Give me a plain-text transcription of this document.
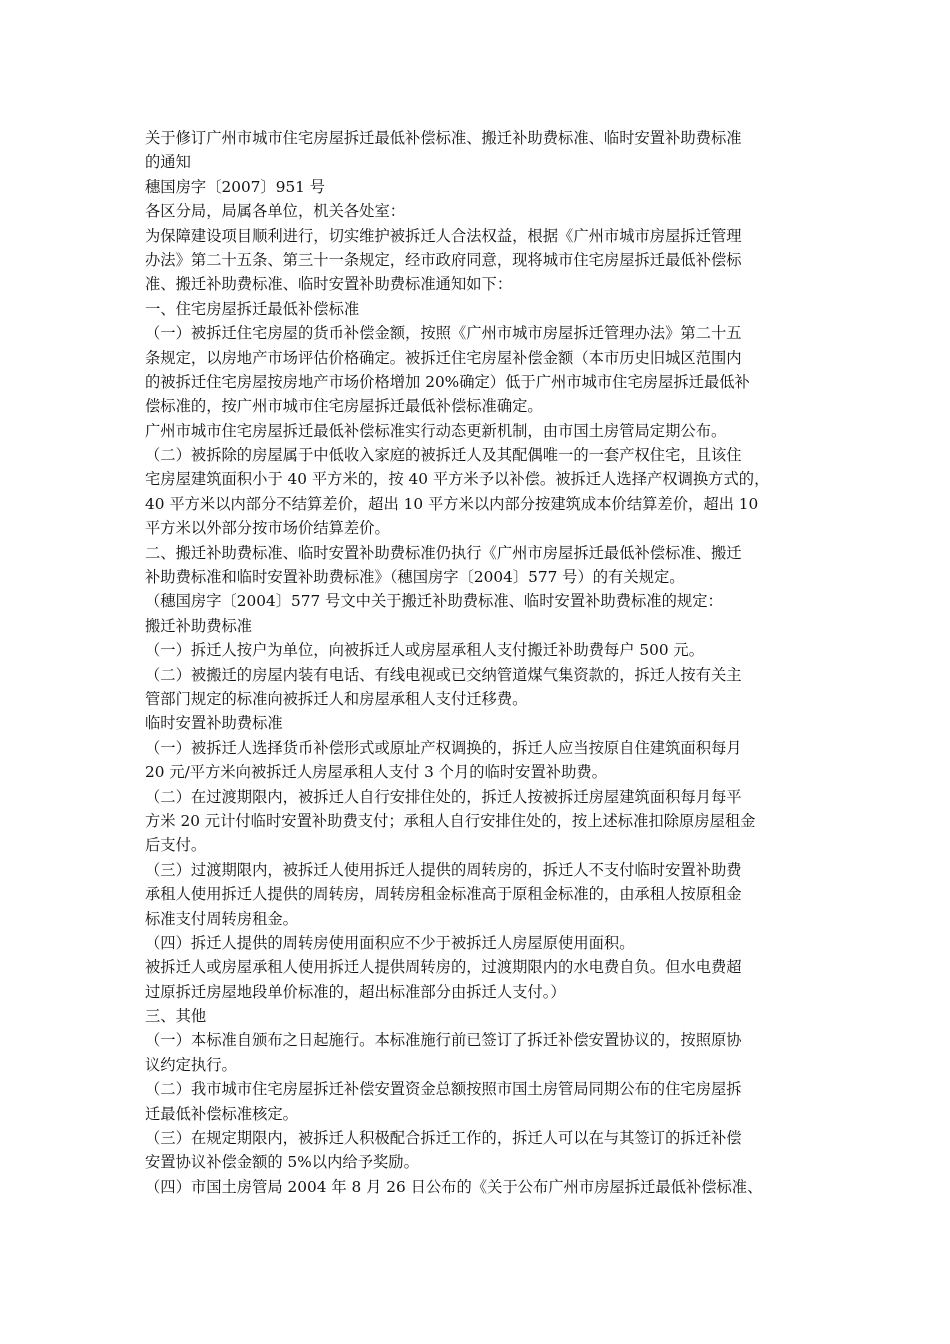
关于修订广州市城市住宅房屋拆迁最低补偿标准、搬迁补助费标准、临时安置补助费标准
的通知
穗国房字〔2007〕951 号
各区分局，局属各单位，机关各处室：
为保障建设项目顺利进行，切实维护被拆迁人合法权益，根据《广州市城市房屋拆迁管理
办法》第二十五条、第三十一条规定，经市政府同意，现将城市住宅房屋拆迁最低补偿标
准、搬迁补助费标准、临时安置补助费标准通知如下：
一、住宅房屋拆迁最低补偿标准
（一）被拆迁住宅房屋的货币补偿金额，按照《广州市城市房屋拆迁管理办法》第二十五
条规定，以房地产市场评估价格确定。被拆迁住宅房屋补偿金额（本市历史旧城区范围内
的被拆迁住宅房屋按房地产市场价格增加 20%确定）低于广州市城市住宅房屋拆迁最低补
偿标准的，按广州市城市住宅房屋拆迁最低补偿标准确定。
广州市城市住宅房屋拆迁最低补偿标准实行动态更新机制，由市国土房管局定期公布。
（二）被拆除的房屋属于中低收入家庭的被拆迁人及其配偶唯一的一套产权住宅，且该住
宅房屋建筑面积小于 40 平方米的，按 40 平方米予以补偿。被拆迁人选择产权调换方式的，
40 平方米以内部分不结算差价，超出 10 平方米以内部分按建筑成本价结算差价，超出 10
平方米以外部分按市场价结算差价。
二、搬迁补助费标准、临时安置补助费标准仍执行《广州市房屋拆迁最低补偿标准、搬迁
补助费标准和临时安置补助费标准》（穗国房字〔2004〕577 号）的有关规定。
（穗国房字〔2004〕577 号文中关于搬迁补助费标准、临时安置补助费标准的规定：
搬迁补助费标准
（一）拆迁人按户为单位，向被拆迁人或房屋承租人支付搬迁补助费每户 500 元。
（二）被搬迁的房屋内装有电话、有线电视或已交纳管道煤气集资款的，拆迁人按有关主
管部门规定的标准向被拆迁人和房屋承租人支付迁移费。
临时安置补助费标准
（一）被拆迁人选择货币补偿形式或原址产权调换的，拆迁人应当按原自住建筑面积每月
20 元/平方米向被拆迁人房屋承租人支付 3 个月的临时安置补助费。
（二）在过渡期限内，被拆迁人自行安排住处的，拆迁人按被拆迁房屋建筑面积每月每平
方米 20 元计付临时安置补助费支付；承租人自行安排住处的，按上述标准扣除原房屋租金
后支付。
（三）过渡期限内，被拆迁人使用拆迁人提供的周转房的，拆迁人不支付临时安置补助费
承租人使用拆迁人提供的周转房，周转房租金标准高于原租金标准的，由承租人按原租金
标准支付周转房租金。
（四）拆迁人提供的周转房使用面积应不少于被拆迁人房屋原使用面积。
被拆迁人或房屋承租人使用拆迁人提供周转房的，过渡期限内的水电费自负。但水电费超
过原拆迁房屋地段单价标准的，超出标准部分由拆迁人支付。）
三、其他
（一）本标准自颁布之日起施行。本标准施行前已签订了拆迁补偿安置协议的，按照原协
议约定执行。
（二）我市城市住宅房屋拆迁补偿安置资金总额按照市国土房管局同期公布的住宅房屋拆
迁最低补偿标准核定。
（三）在规定期限内，被拆迁人积极配合拆迁工作的，拆迁人可以在与其签订的拆迁补偿
安置协议补偿金额的 5%以内给予奖励。
（四）市国土房管局 2004 年 8 月 26 日公布的《关于公布广州市房屋拆迁最低补偿标准、
